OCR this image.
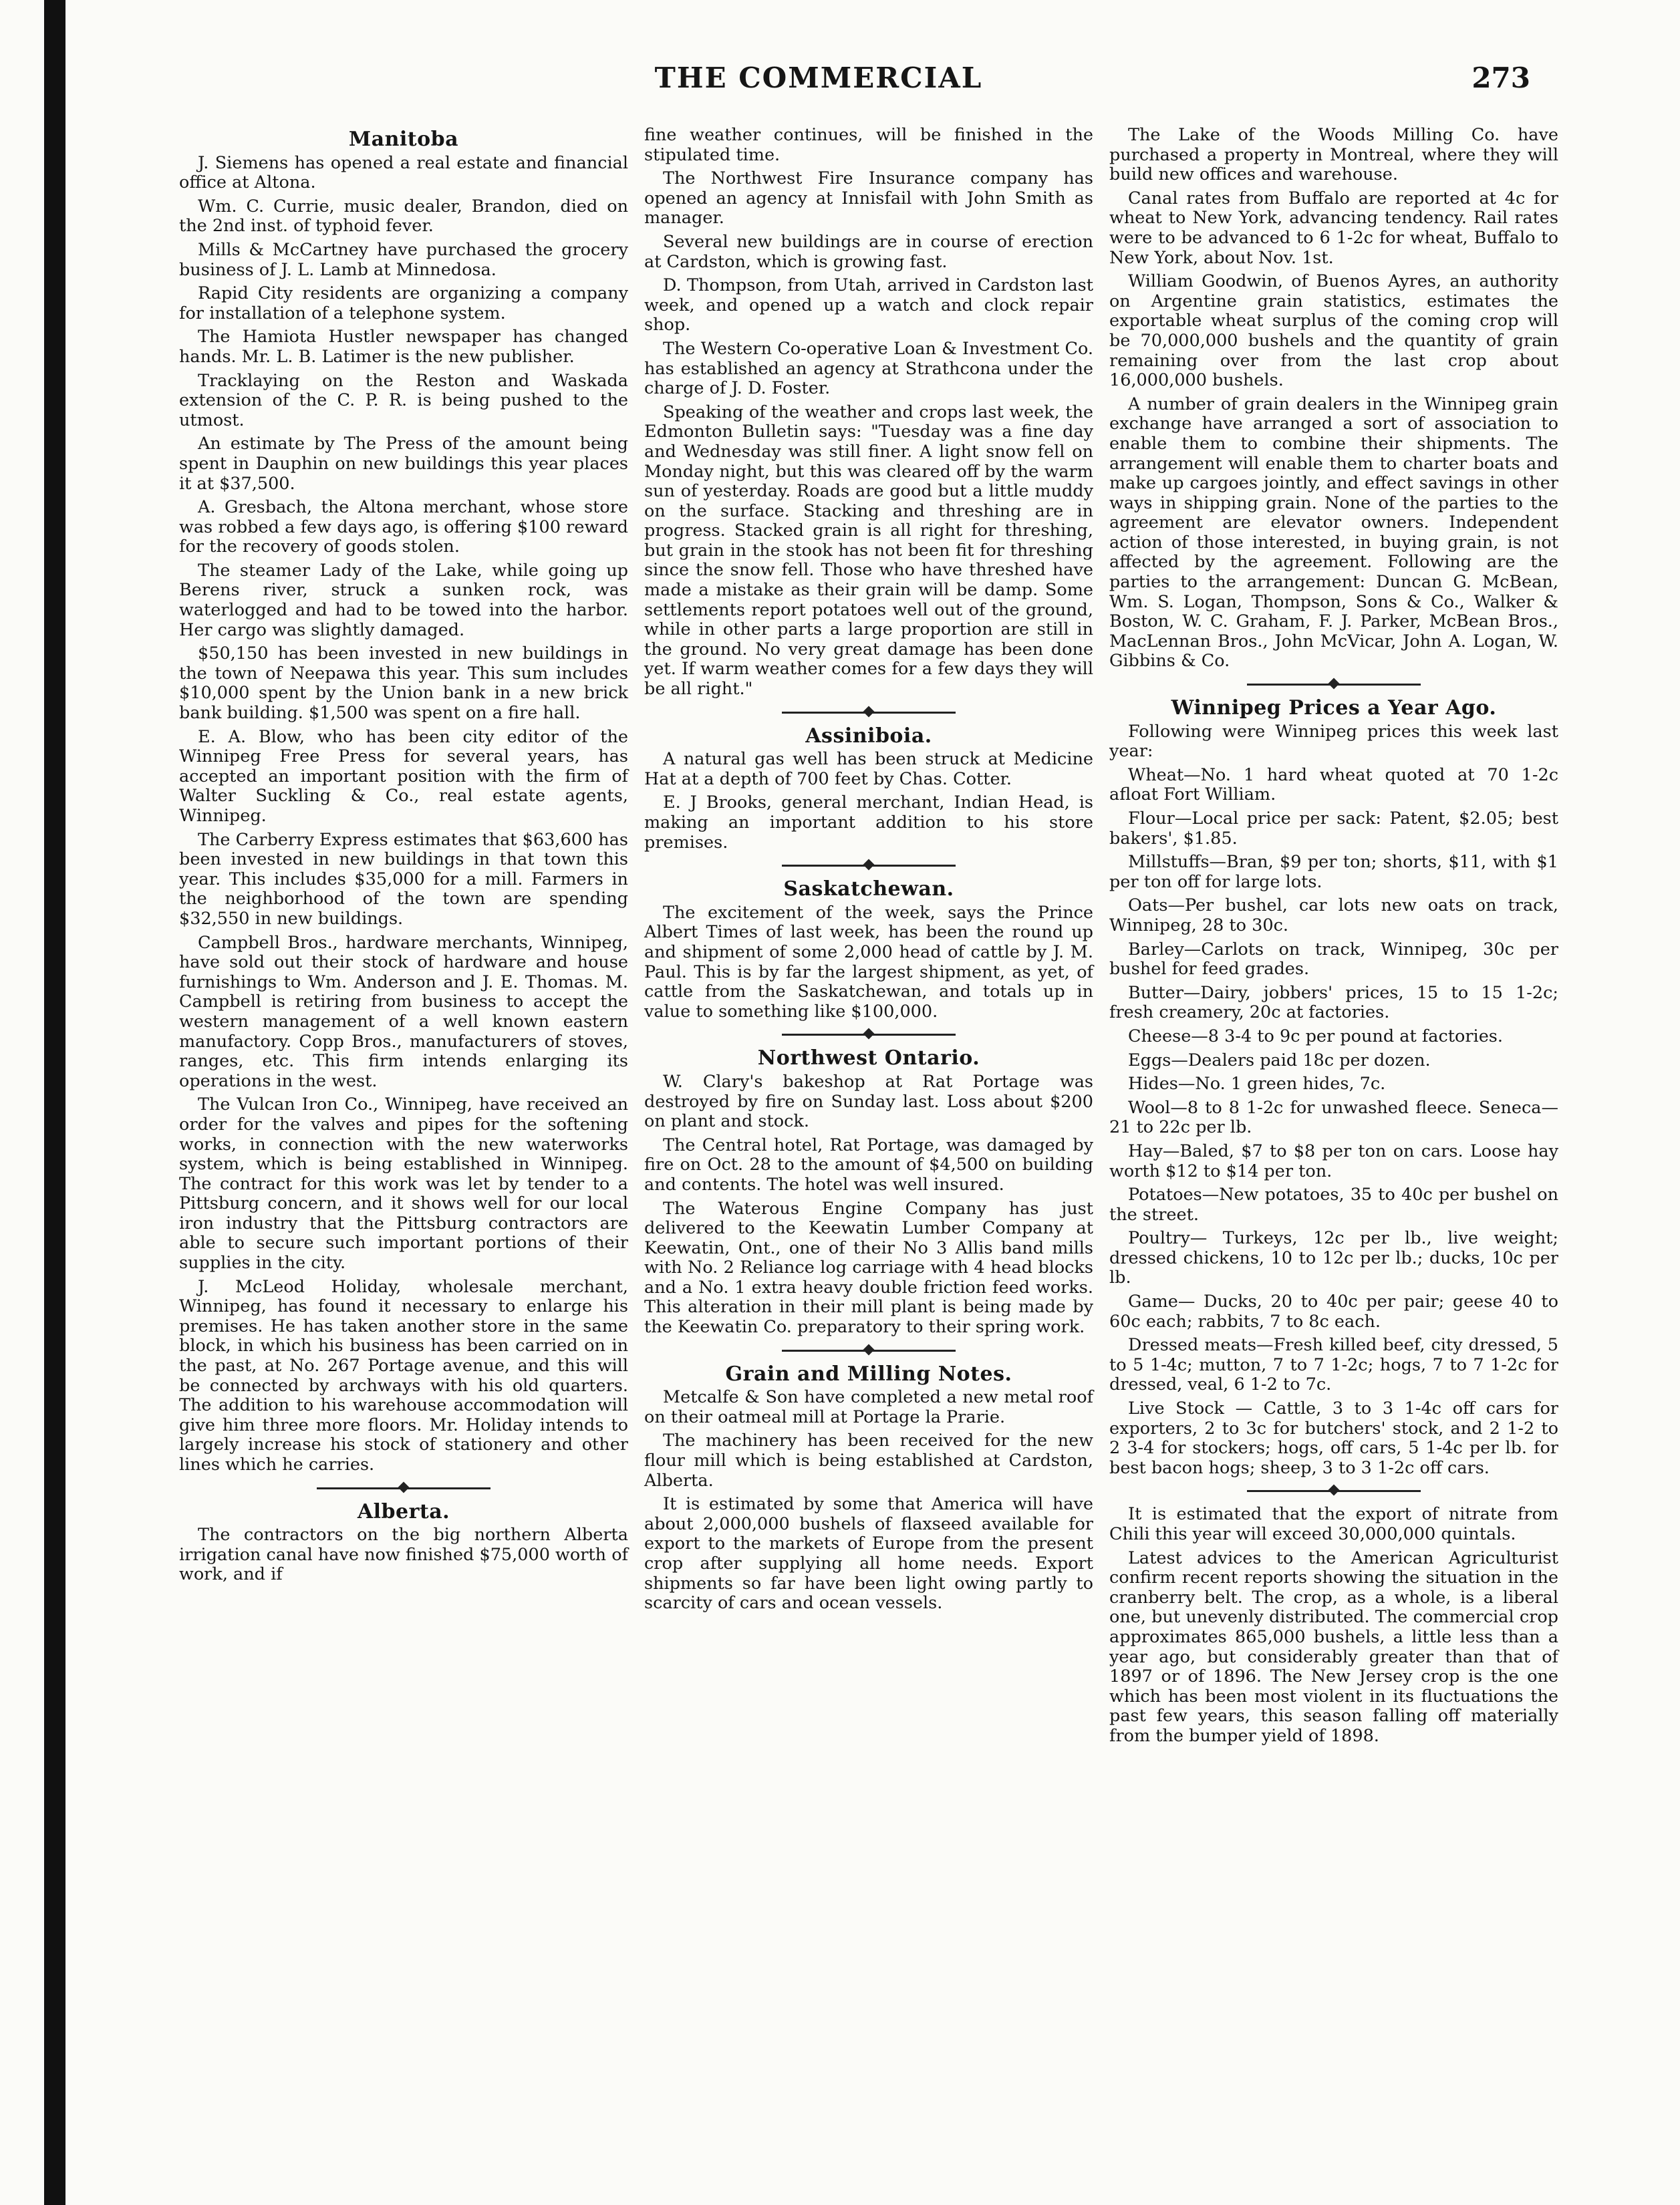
THE COMMERCIAL	273
Manitoba

J. Siemens has opened a real estate and financial office at Altona.

Wm. C. Currie, music dealer, Brandon, died on the 2nd inst. of typhoid fever.

Mills & McCartney have purchased the grocery business of J. L. Lamb at Minnedosa.

Rapid City residents are organizing a company for installation of a telephone system.

The Hamiota Hustler newspaper has changed hands. Mr. L. B. Latimer is the new publisher.

Tracklaying on the Reston and Waskada extension of the C. P. R. is being pushed to the utmost.

An estimate by The Press of the amount being spent in Dauphin on new buildings this year places it at $37,500.

A. Gresbach, the Altona merchant, whose store was robbed a few days ago, is offering $100 reward for the recovery of goods stolen.

The steamer Lady of the Lake, while going up Berens river, struck a sunken rock, was waterlogged and had to be towed into the harbor. Her cargo was slightly damaged.

$50,150 has been invested in new buildings in the town of Neepawa this year. This sum includes $10,000 spent by the Union bank in a new brick bank building. $1,500 was spent on a fire hall.

E. A. Blow, who has been city editor of the Winnipeg Free Press for several years, has accepted an important position with the firm of Walter Suckling & Co., real estate agents, Winnipeg.

The Carberry Express estimates that $63,600 has been invested in new buildings in that town this year. This includes $35,000 for a mill. Farmers in the neighborhood of the town are spending $32,550 in new buildings.

Campbell Bros., hardware merchants, Winnipeg, have sold out their stock of hardware and house furnishings to Wm. Anderson and J. E. Thomas. M. Campbell is retiring from business to accept the western management of a well known eastern manufactory. Copp Bros., manufacturers of stoves, ranges, etc. This firm intends enlarging its operations in the west.

The Vulcan Iron Co., Winnipeg, have received an order for the valves and pipes for the softening works, in connection with the new waterworks system, which is being established in Winnipeg. The contract for this work was let by tender to a Pittsburg concern, and it shows well for our local iron industry that the Pittsburg contractors are able to secure such important portions of their supplies in the city.

J. McLeod Holiday, wholesale merchant, Winnipeg, has found it necessary to enlarge his premises. He has taken another store in the same block, in which his business has been carried on in the past, at No. 267 Portage avenue, and this will be connected by archways with his old quarters. The addition to his warehouse accommodation will give him three more floors. Mr. Holiday intends to largely increase his stock of stationery and other lines which he carries.

Alberta.

The contractors on the big northern Alberta irrigation canal have now finished $75,000 worth of work, and if

fine weather continues, will be finished in the stipulated time.

The Northwest Fire Insurance company has opened an agency at Innisfail with John Smith as manager.

Several new buildings are in course of erection at Cardston, which is growing fast.

D. Thompson, from Utah, arrived in Cardston last week, and opened up a watch and clock repair shop.

The Western Co-operative Loan & Investment Co. has established an agency at Strathcona under the charge of J. D. Foster.

Speaking of the weather and crops last week, the Edmonton Bulletin says: "Tuesday was a fine day and Wednesday was still finer. A light snow fell on Monday night, but this was cleared off by the warm sun of yesterday. Roads are good but a little muddy on the surface. Stacking and threshing are in progress. Stacked grain is all right for threshing, but grain in the stook has not been fit for threshing since the snow fell. Those who have threshed have made a mistake as their grain will be damp. Some settlements report potatoes well out of the ground, while in other parts a large proportion are still in the ground. No very great damage has been done yet. If warm weather comes for a few days they will be all right."

Assiniboia.

A natural gas well has been struck at Medicine Hat at a depth of 700 feet by Chas. Cotter.

E. J Brooks, general merchant, Indian Head, is making an important addition to his store premises.

Saskatchewan.

The excitement of the week, says the Prince Albert Times of last week, has been the round up and shipment of some 2,000 head of cattle by J. M. Paul. This is by far the largest shipment, as yet, of cattle from the Saskatchewan, and totals up in value to something like $100,000.

Northwest Ontario.

W. Clary's bakeshop at Rat Portage was destroyed by fire on Sunday last. Loss about $200 on plant and stock.

The Central hotel, Rat Portage, was damaged by fire on Oct. 28 to the amount of $4,500 on building and contents. The hotel was well insured.

The Waterous Engine Company has just delivered to the Keewatin Lumber Company at Keewatin, Ont., one of their No 3 Allis band mills with No. 2 Reliance log carriage with 4 head blocks and a No. 1 extra heavy double friction feed works. This alteration in their mill plant is being made by the Keewatin Co. preparatory to their spring work.

Grain and Milling Notes.

Metcalfe & Son have completed a new metal roof on their oatmeal mill at Portage la Prarie.

The machinery has been received for the new flour mill which is being established at Cardston, Alberta.

It is estimated by some that America will have about 2,000,000 bushels of flaxseed available for export to the markets of Europe from the present crop after supplying all home needs. Export shipments so far have been light owing partly to scarcity of cars and ocean vessels.

The Lake of the Woods Milling Co. have purchased a property in Montreal, where they will build new offices and warehouse.

Canal rates from Buffalo are reported at 4c for wheat to New York, advancing tendency. Rail rates were to be advanced to 6 1-2c for wheat, Buffalo to New York, about Nov. 1st.

William Goodwin, of Buenos Ayres, an authority on Argentine grain statistics, estimates the exportable wheat surplus of the coming crop will be 70,000,000 bushels and the quantity of grain remaining over from the last crop about 16,000,000 bushels.

A number of grain dealers in the Winnipeg grain exchange have arranged a sort of association to enable them to combine their shipments. The arrangement will enable them to charter boats and make up cargoes jointly, and effect savings in other ways in shipping grain. None of the parties to the agreement are elevator owners. Independent action of those interested, in buying grain, is not affected by the agreement. Following are the parties to the arrangement: Duncan G. McBean, Wm. S. Logan, Thompson, Sons & Co., Walker & Boston, W. C. Graham, F. J. Parker, McBean Bros., MacLennan Bros., John McVicar, John A. Logan, W. Gibbins & Co.

Winnipeg Prices a Year Ago.

Following were Winnipeg prices this week last year:

Wheat—No. 1 hard wheat quoted at 70 1-2c afloat Fort William.

Flour—Local price per sack: Patent, $2.05; best bakers', $1.85.

Millstuffs—Bran, $9 per ton; shorts, $11, with $1 per ton off for large lots.

Oats—Per bushel, car lots new oats on track, Winnipeg, 28 to 30c.

Barley—Carlots on track, Winnipeg, 30c per bushel for feed grades.

Butter—Dairy, jobbers' prices, 15 to 15 1-2c; fresh creamery, 20c at factories.

Cheese—8 3-4 to 9c per pound at factories.

Eggs—Dealers paid 18c per dozen.

Hides—No. 1 green hides, 7c.

Wool—8 to 8 1-2c for unwashed fleece. Seneca—21 to 22c per lb.

Hay—Baled, $7 to $8 per ton on cars. Loose hay worth $12 to $14 per ton.

Potatoes—New potatoes, 35 to 40c per bushel on the street.

Poultry— Turkeys, 12c per lb., live weight; dressed chickens, 10 to 12c per lb.; ducks, 10c per lb.

Game— Ducks, 20 to 40c per pair; geese 40 to 60c each; rabbits, 7 to 8c each.

Dressed meats—Fresh killed beef, city dressed, 5 to 5 1-4c; mutton, 7 to 7 1-2c; hogs, 7 to 7 1-2c for dressed, veal, 6 1-2 to 7c.

Live Stock — Cattle, 3 to 3 1-4c off cars for exporters, 2 to 3c for butchers' stock, and 2 1-2 to 2 3-4 for stockers; hogs, off cars, 5 1-4c per lb. for best bacon hogs; sheep, 3 to 3 1-2c off cars.

It is estimated that the export of nitrate from Chili this year will exceed 30,000,000 quintals.

Latest advices to the American Agriculturist confirm recent reports showing the situation in the cranberry belt. The crop, as a whole, is a liberal one, but unevenly distributed. The commercial crop approximates 865,000 bushels, a little less than a year ago, but considerably greater than that of 1897 or of 1896. The New Jersey crop is the one which has been most violent in its fluctuations the past few years, this season falling off materially from the bumper yield of 1898.
